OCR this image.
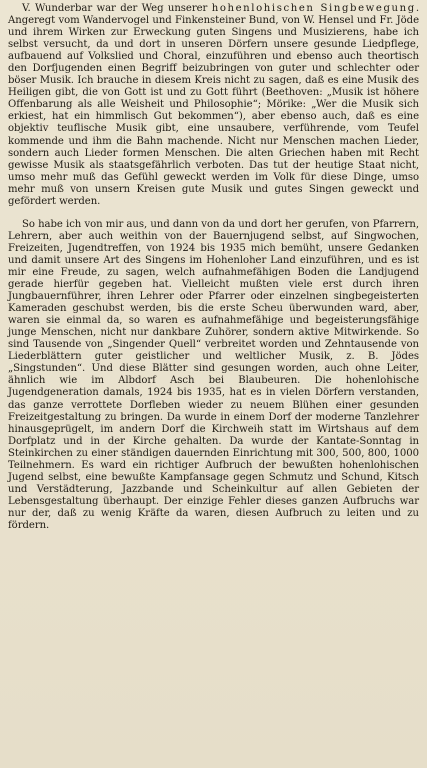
V. Wunderbar war der Weg unserer hohenlohischen Singbewegung. Angeregt vom Wandervogel und Finkensteiner Bund, von W. Hensel und Fr. Jöde und ihrem Wirken zur Erweckung guten Singens und Musizierens, habe ich selbst versucht, da und dort in unseren Dörfern unsere gesunde Liedpflege, aufbauend auf Volkslied und Choral, einzuführen und ebenso auch theortisch den Dorfjugenden einen Begriff beizubringen von guter und schlechter oder böser Musik. Ich brauche in diesem Kreis nicht zu sagen, daß es eine Musik des Heiligen gibt, die von Gott ist und zu Gott führt (Beethoven: „Musik ist höhere Offenbarung als alle Weisheit und Philosophie“; Mörike: „Wer die Musik sich erkiest, hat ein himmlisch Gut bekommen“), aber ebenso auch, daß es eine objektiv teuflische Musik gibt, eine unsaubere, verführende, vom Teufel kommende und ihm die Bahn machende. Nicht nur Menschen machen Lieder, sondern auch Lieder formen Menschen. Die alten Griechen haben mit Recht gewisse Musik als staatsgefährlich verboten. Das tut der heutige Staat nicht, umso mehr muß das Gefühl geweckt werden im Volk für diese Dinge, umso mehr muß von unsern Kreisen gute Musik und gutes Singen geweckt und gefördert werden.

So habe ich von mir aus, und dann von da und dort her gerufen, von Pfarrern, Lehrern, aber auch weithin von der Bauernjugend selbst, auf Singwochen, Freizeiten, Jugendtreffen, von 1924 bis 1935 mich bemüht, unsere Gedanken und damit unsere Art des Singens im Hohenloher Land einzuführen, und es ist mir eine Freude, zu sagen, welch aufnahmefähigen Boden die Landjugend gerade hierfür gegeben hat. Vielleicht mußten viele erst durch ihren Jungbauernführer, ihren Lehrer oder Pfarrer oder einzelnen singbegeisterten Kameraden geschubst werden, bis die erste Scheu überwunden ward, aber, waren sie einmal da, so waren es aufnahmefähige und begeisterungsfähige junge Menschen, nicht nur dankbare Zuhörer, sondern aktive Mitwirkende. So sind Tausende von „Singender Quell“ verbreitet worden und Zehntausende von Liederblättern guter geistlicher und weltlicher Musik, z. B. Jödes „Singstunden“. Und diese Blätter sind gesungen worden, auch ohne Leiter, ähnlich wie im Albdorf Asch bei Blaubeuren. Die hohenlohische Jugendgeneration damals, 1924 bis 1935, hat es in vielen Dörfern verstanden, das ganze verrottete Dorfleben wieder zu neuem Blühen einer gesunden Freizeitgestaltung zu bringen. Da wurde in einem Dorf der moderne Tanzlehrer hinausgeprügelt, im andern Dorf die Kirchweih statt im Wirtshaus auf dem Dorfplatz und in der Kirche gehalten. Da wurde der Kantate-Sonntag in Steinkirchen zu einer ständigen dauernden Einrichtung mit 300, 500, 800, 1000 Teilnehmern. Es ward ein richtiger Aufbruch der bewußten hohenlohischen Jugend selbst, eine bewußte Kampfansage gegen Schmutz und Schund, Kitsch und Verstädterung, Jazzbande und Scheinkultur auf allen Gebieten der Lebensgestaltung überhaupt. Der einzige Fehler dieses ganzen Aufbruchs war nur der, daß zu wenig Kräfte da waren, diesen Aufbruch zu leiten und zu fördern.
